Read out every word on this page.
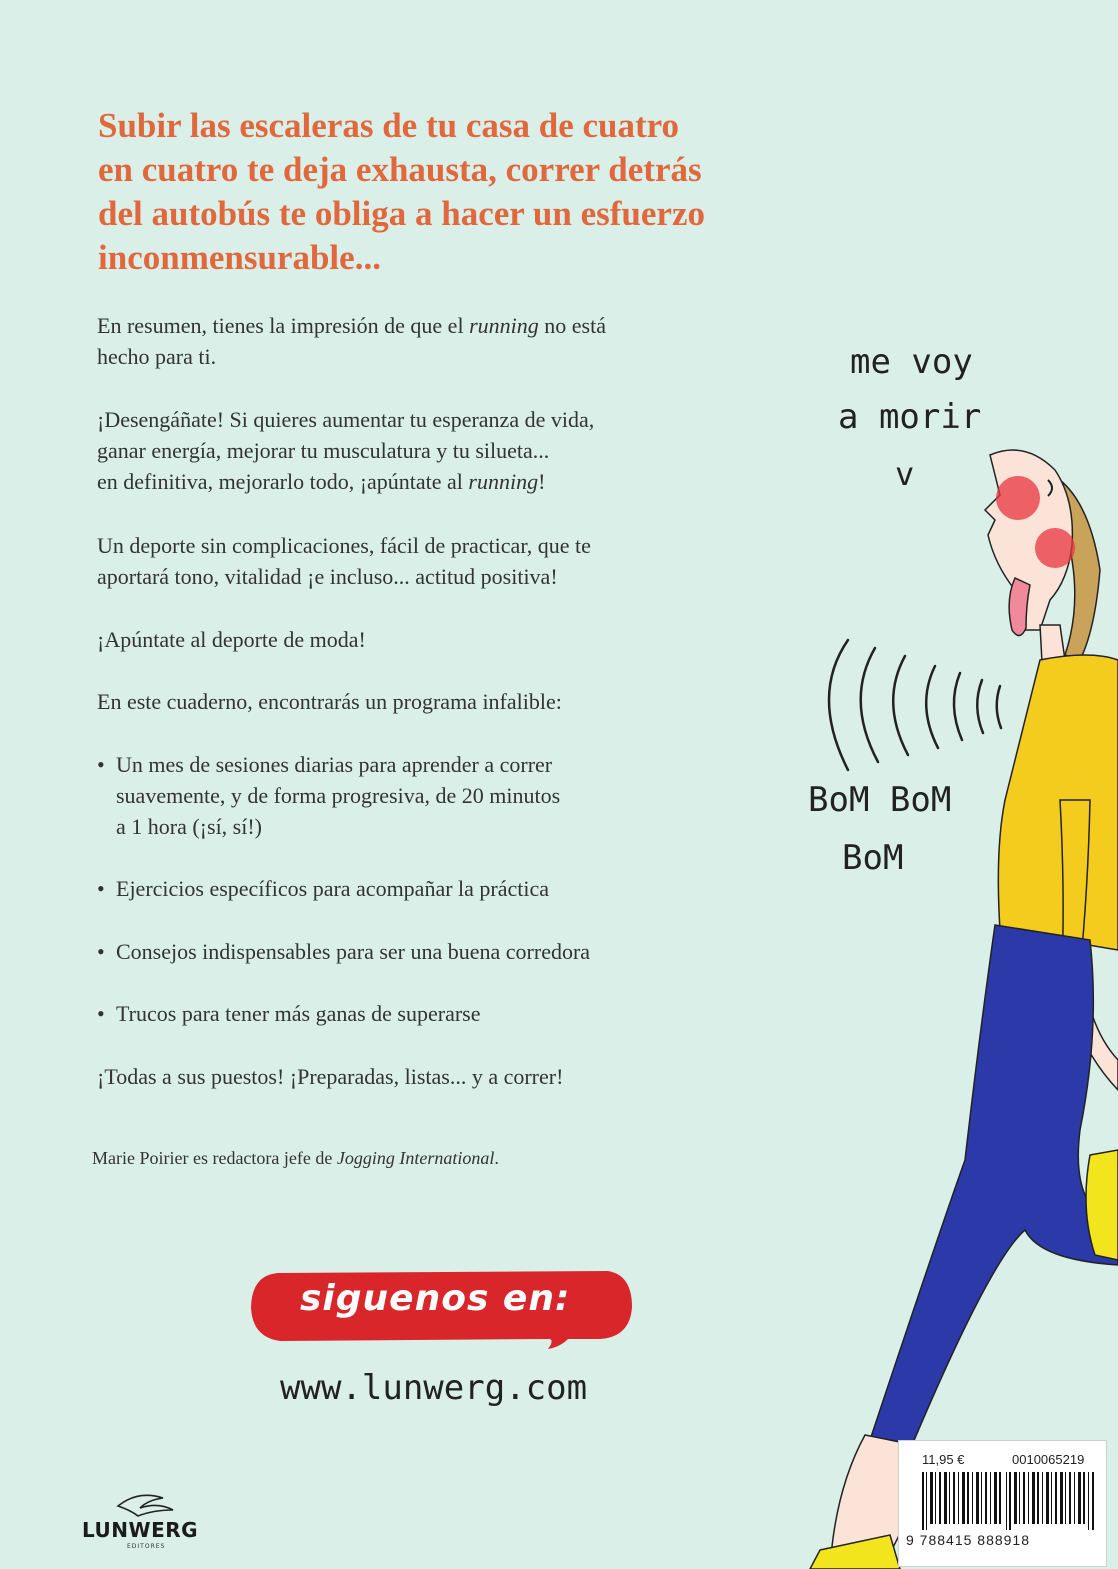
Subir las escaleras de tu casa de cuatro
en cuatro te deja exhausta, correr detrás
del autobús te obliga a hacer un esfuerzo
inconmensurable...
En resumen, tienes la impresión de que el running no está
hecho para ti.
¡Desengáñate! Si quieres aumentar tu esperanza de vida,
ganar energía, mejorar tu musculatura y tu silueta...
en definitiva, mejorarlo todo, ¡apúntate al running!
Un deporte sin complicaciones, fácil de practicar, que te
aportará tono, vitalidad ¡e incluso... actitud positiva!
¡Apúntate al deporte de moda!
En este cuaderno, encontrarás un programa infalible:
• Un mes de sesiones diarias para aprender a correr
suavemente, y de forma progresiva, de 20 minutos
a 1 hora (¡sí, sí!)
• Ejercicios específicos para acompañar la práctica
• Consejos indispensables para ser una buena corredora
• Trucos para tener más ganas de superarse
¡Todas a sus puestos! ¡Preparadas, listas... y a correr!
Marie Poirier es redactora jefe de Jogging International.
me voy
a morir
v
BoM BoM
BoM
siguenos en:
www.lunwerg.com
LUNWERG
EDITORES
11,95 €	0010065219
9 788415 888918
